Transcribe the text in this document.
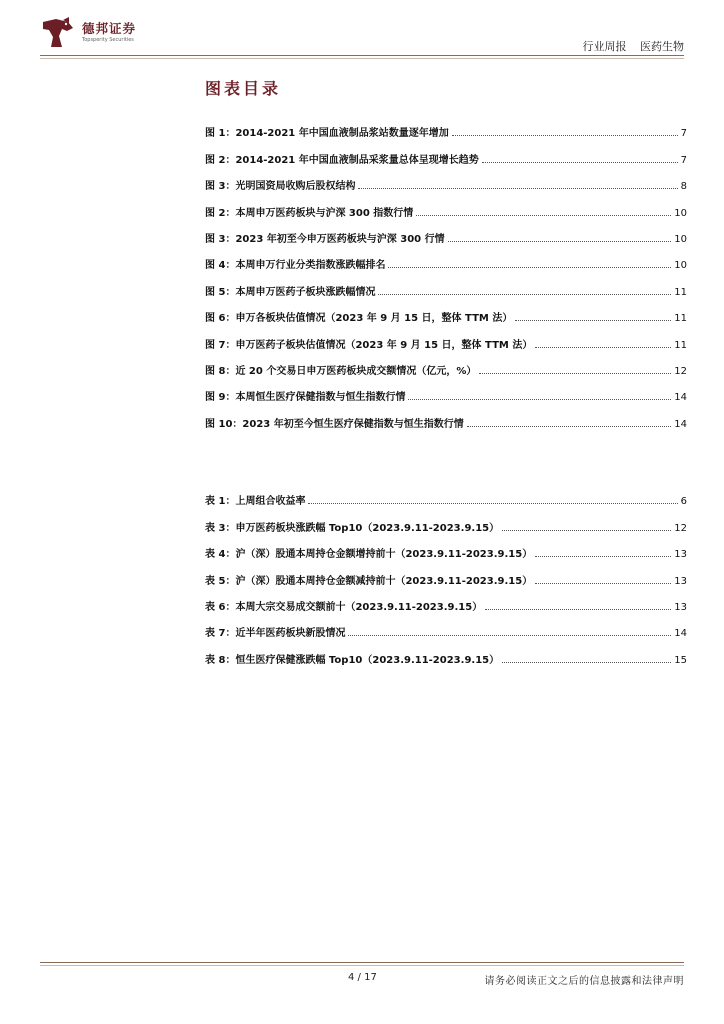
德邦证券
Topsperity Securities	行业周报 医药生物
图表目录
图 1：2014-2021 年中国血液制品浆站数量逐年增加	7
图 2：2014-2021 年中国血液制品采浆量总体呈现增长趋势	7
图 3：光明国资局收购后股权结构	8
图 2：本周申万医药板块与沪深 300 指数行情	10
图 3：2023 年初至今申万医药板块与沪深 300 行情	10
图 4：本周申万行业分类指数涨跌幅排名	10
图 5：本周申万医药子板块涨跌幅情况	11
图 6：申万各板块估值情况（2023 年 9 月 15 日，整体 TTM 法）	11
图 7：申万医药子板块估值情况（2023 年 9 月 15 日，整体 TTM 法）	11
图 8：近 20 个交易日申万医药板块成交额情况（亿元，%）	12
图 9：本周恒生医疗保健指数与恒生指数行情	14
图 10：2023 年初至今恒生医疗保健指数与恒生指数行情	14
表 1：上周组合收益率	6
表 3：申万医药板块涨跌幅 Top10（2023.9.11-2023.9.15）	12
表 4：沪（深）股通本周持仓金额增持前十（2023.9.11-2023.9.15）	13
表 5：沪（深）股通本周持仓金额减持前十（2023.9.11-2023.9.15）	13
表 6：本周大宗交易成交额前十（2023.9.11-2023.9.15）	13
表 7：近半年医药板块新股情况	14
表 8：恒生医疗保健涨跌幅 Top10（2023.9.11-2023.9.15）	15
4 / 17	请务必阅读正文之后的信息披露和法律声明
